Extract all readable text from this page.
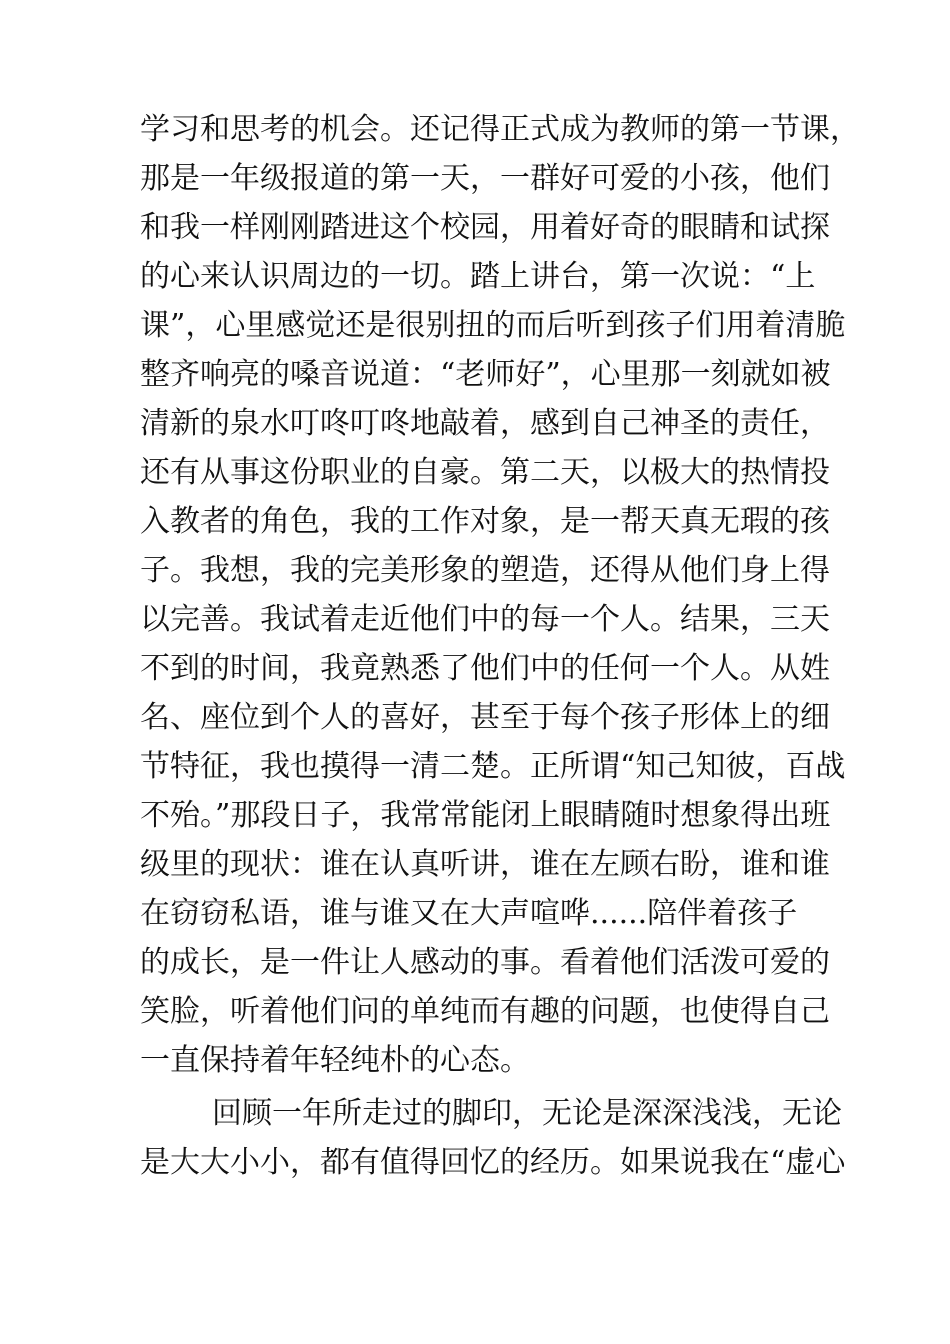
学习和思考的机会。还记得正式成为教师的第一节课，
那是一年级报道的第一天，一群好可爱的小孩，他们
和我一样刚刚踏进这个校园，用着好奇的眼睛和试探
的心来认识周边的一切。踏上讲台，第一次说：“上
课”，心里感觉还是很别扭的而后听到孩子们用着清脆
整齐响亮的嗓音说道：“老师好”，心里那一刻就如被
清新的泉水叮咚叮咚地敲着，感到自己神圣的责任，
还有从事这份职业的自豪。第二天，以极大的热情投
入教者的角色，我的工作对象，是一帮天真无瑕的孩
子。我想，我的完美形象的塑造，还得从他们身上得
以完善。我试着走近他们中的每一个人。结果，三天
不到的时间，我竟熟悉了他们中的任何一个人。从姓
名、座位到个人的喜好，甚至于每个孩子形体上的细
节特征，我也摸得一清二楚。正所谓“知己知彼，百战
不殆。”那段日子，我常常能闭上眼睛随时想象得出班
级里的现状：谁在认真听讲，谁在左顾右盼，谁和谁
在窃窃私语，谁与谁又在大声喧哗......陪伴着孩子
的成长，是一件让人感动的事。看着他们活泼可爱的
笑脸，听着他们问的单纯而有趣的问题，也使得自己
一直保持着年轻纯朴的心态。
回顾一年所走过的脚印，无论是深深浅浅，无论
是大大小小，都有值得回忆的经历。如果说我在“虚心
